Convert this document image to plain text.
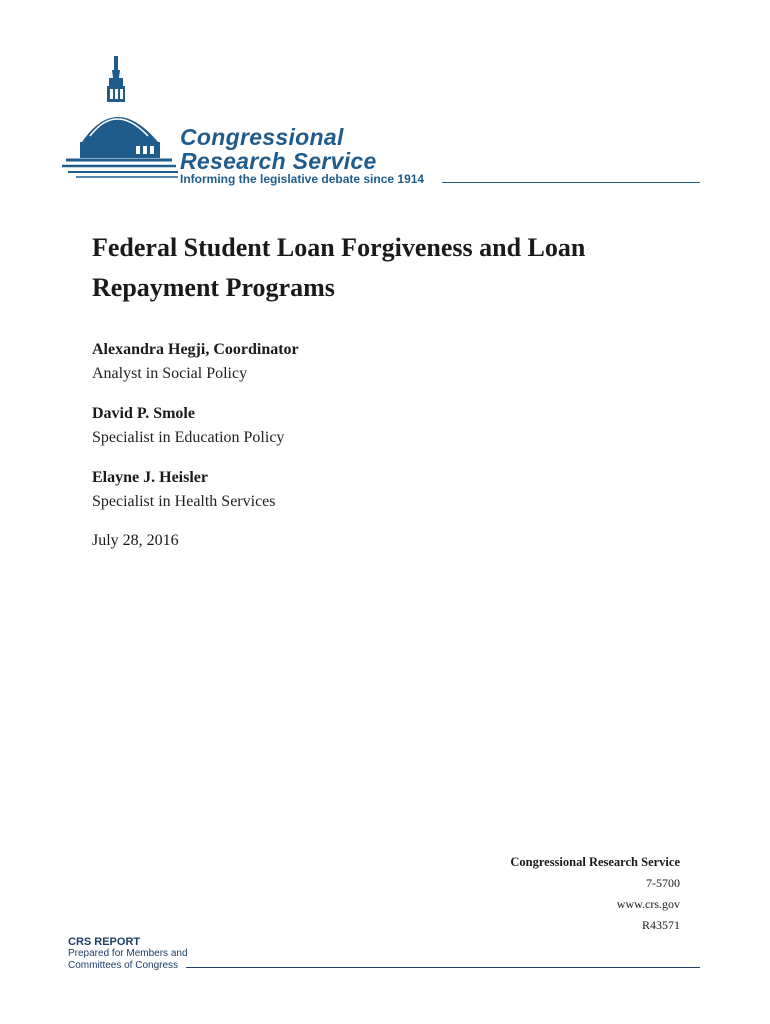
Congressional
Research Service
Informing the legislative debate since 1914
Federal Student Loan Forgiveness and Loan Repayment Programs
Alexandra Hegji, Coordinator
Analyst in Social Policy
David P. Smole
Specialist in Education Policy
Elayne J. Heisler
Specialist in Health Services
July 28, 2016
Congressional Research Service
7-5700
www.crs.gov
R43571
CRS REPORT
Prepared for Members and
Committees of Congress
